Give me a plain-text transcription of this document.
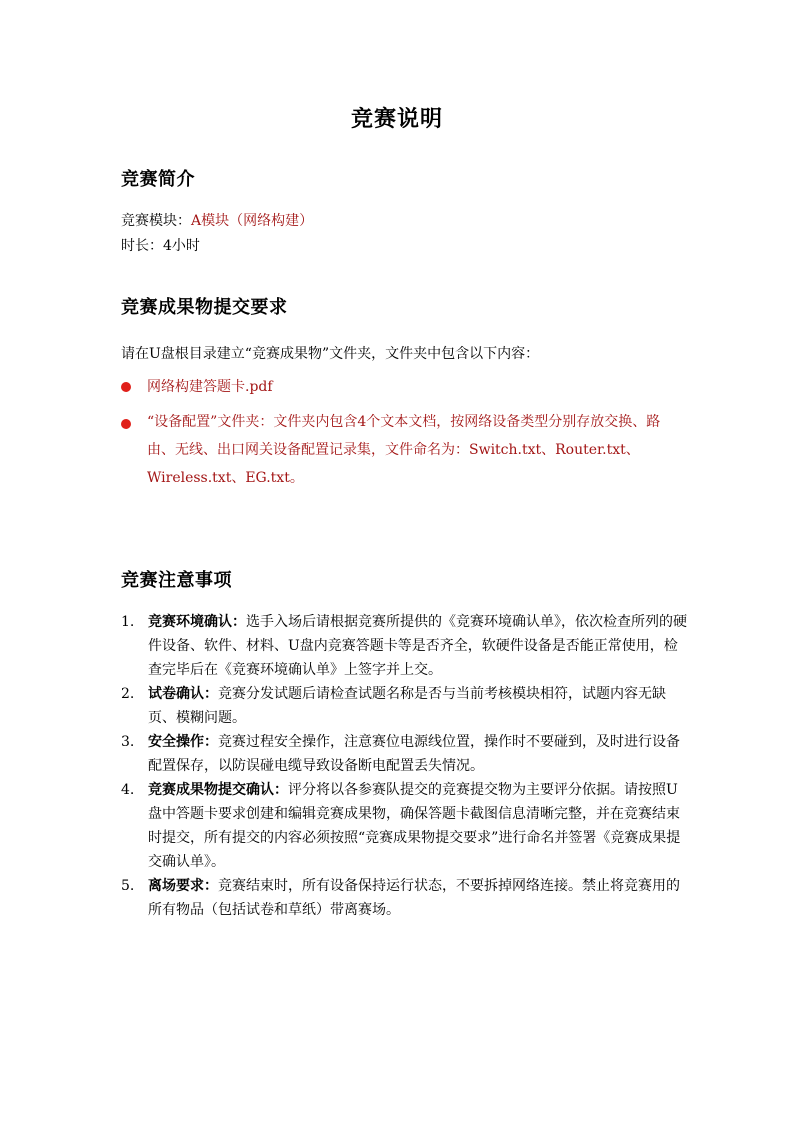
竞赛说明
竞赛简介
竞赛模块：A模块（网络构建）
时长：4小时
竞赛成果物提交要求
请在U盘根目录建立“竞赛成果物”文件夹，文件夹中包含以下内容：
网络构建答题卡.pdf
“设备配置”文件夹：文件夹内包含4个文本文档，按网络设备类型分别存放交换、路由、无线、出口网关设备配置记录集，文件命名为：Switch.txt、Router.txt、Wireless.txt、EG.txt。
竞赛注意事项
1. 竞赛环境确认：选手入场后请根据竞赛所提供的《竞赛环境确认单》，依次检查所列的硬件设备、软件、材料、U盘内竞赛答题卡等是否齐全，软硬件设备是否能正常使用，检查完毕后在《竞赛环境确认单》上签字并上交。
2. 试卷确认：竞赛分发试题后请检查试题名称是否与当前考核模块相符，试题内容无缺页、模糊问题。
3. 安全操作：竞赛过程安全操作，注意赛位电源线位置，操作时不要碰到，及时进行设备配置保存，以防误碰电缆导致设备断电配置丢失情况。
4. 竞赛成果物提交确认：评分将以各参赛队提交的竞赛提交物为主要评分依据。请按照U盘中答题卡要求创建和编辑竞赛成果物，确保答题卡截图信息清晰完整，并在竞赛结束时提交，所有提交的内容必须按照“竞赛成果物提交要求”进行命名并签署《竞赛成果提交确认单》。
5. 离场要求：竞赛结束时，所有设备保持运行状态，不要拆掉网络连接。禁止将竞赛用的所有物品（包括试卷和草纸）带离赛场。
